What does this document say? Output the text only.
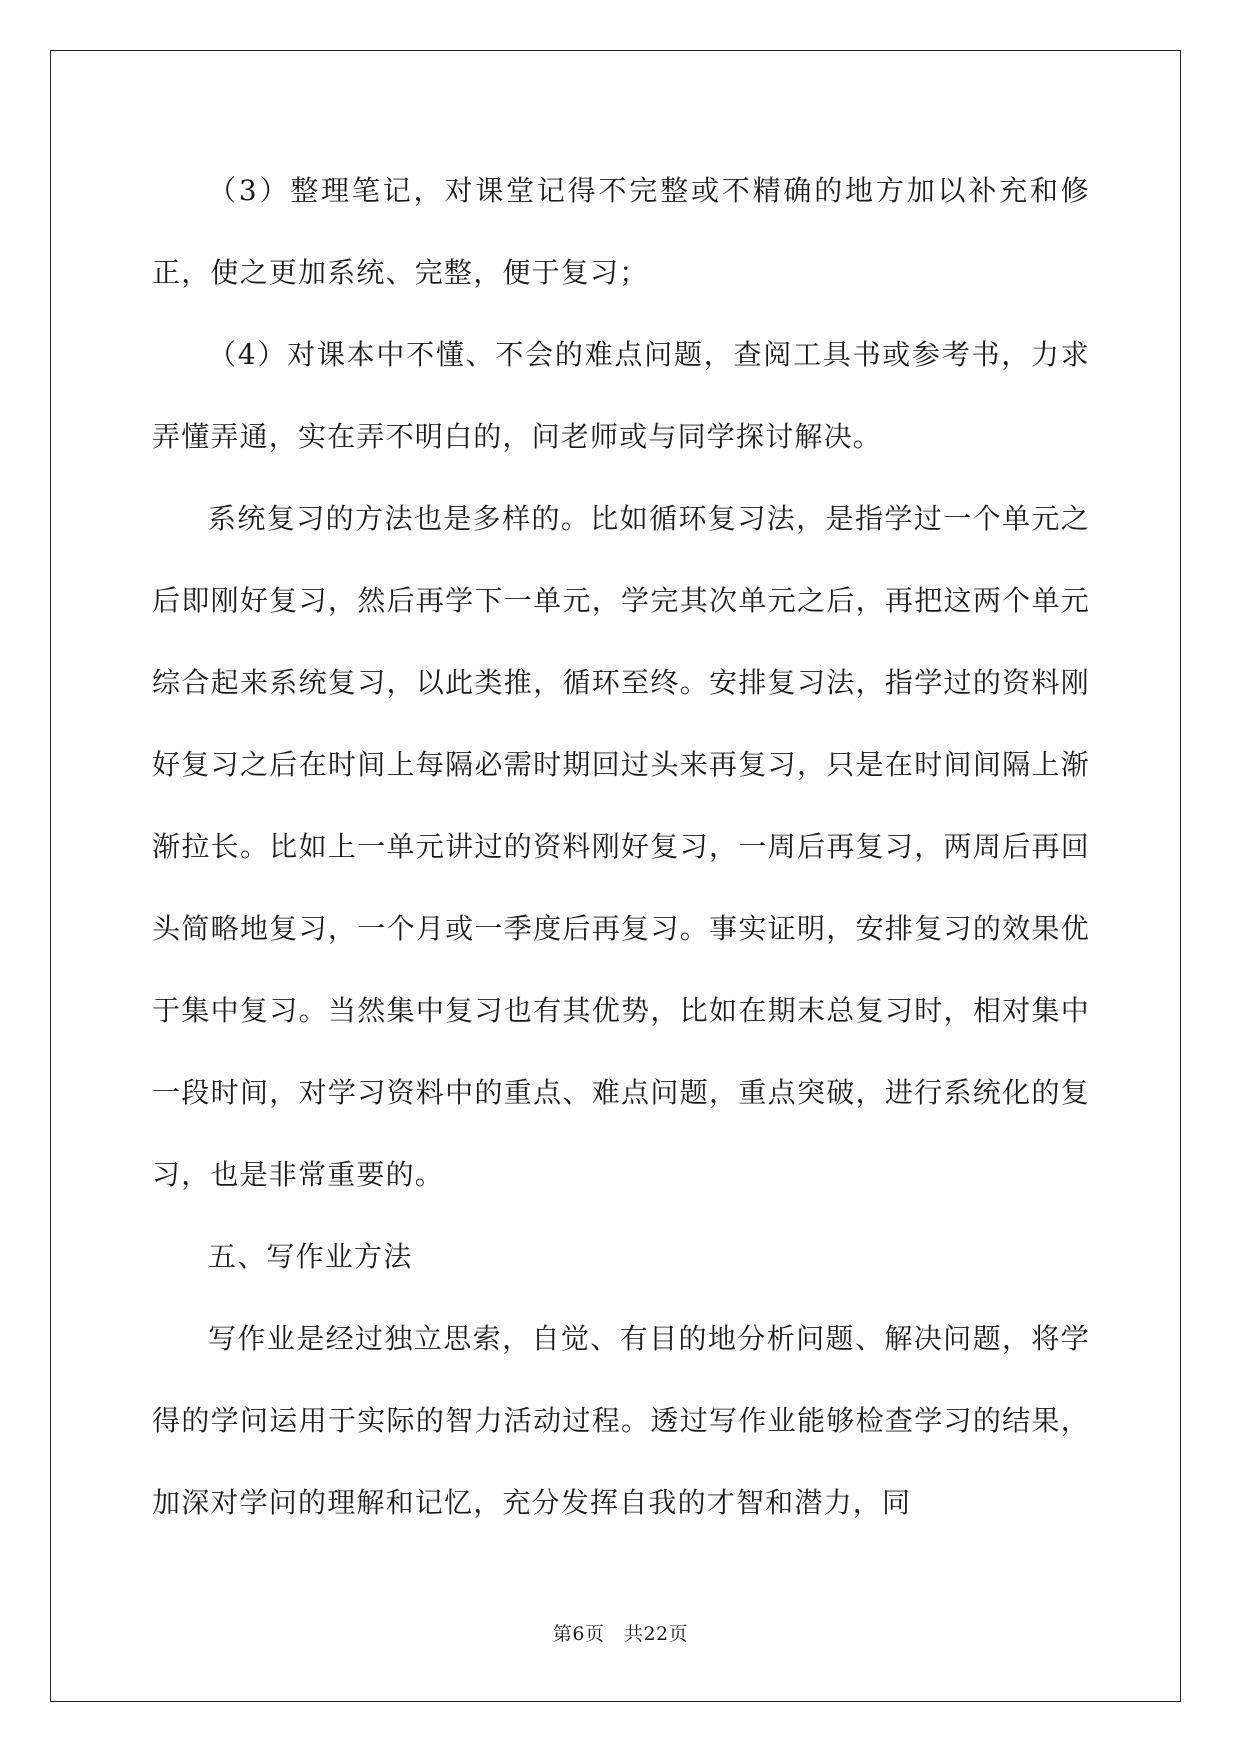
（3）整理笔记，对课堂记得不完整或不精确的地方加以补充和修正，使之更加系统、完整，便于复习；

（4）对课本中不懂、不会的难点问题，查阅工具书或参考书，力求弄懂弄通，实在弄不明白的，问老师或与同学探讨解决。

系统复习的方法也是多样的。比如循环复习法，是指学过一个单元之后即刚好复习，然后再学下一单元，学完其次单元之后，再把这两个单元综合起来系统复习，以此类推，循环至终。安排复习法，指学过的资料刚好复习之后在时间上每隔必需时期回过头来再复习，只是在时间间隔上渐渐拉长。比如上一单元讲过的资料刚好复习，一周后再复习，两周后再回头简略地复习，一个月或一季度后再复习。事实证明，安排复习的效果优于集中复习。当然集中复习也有其优势，比如在期末总复习时，相对集中一段时间，对学习资料中的重点、难点问题，重点突破，进行系统化的复习，也是非常重要的。

五、写作业方法

写作业是经过独立思索，自觉、有目的地分析问题、解决问题，将学得的学问运用于实际的智力活动过程。透过写作业能够检查学习的结果，加深对学问的理解和记忆，充分发挥自我的才智和潜力，同

第6页　共22页
